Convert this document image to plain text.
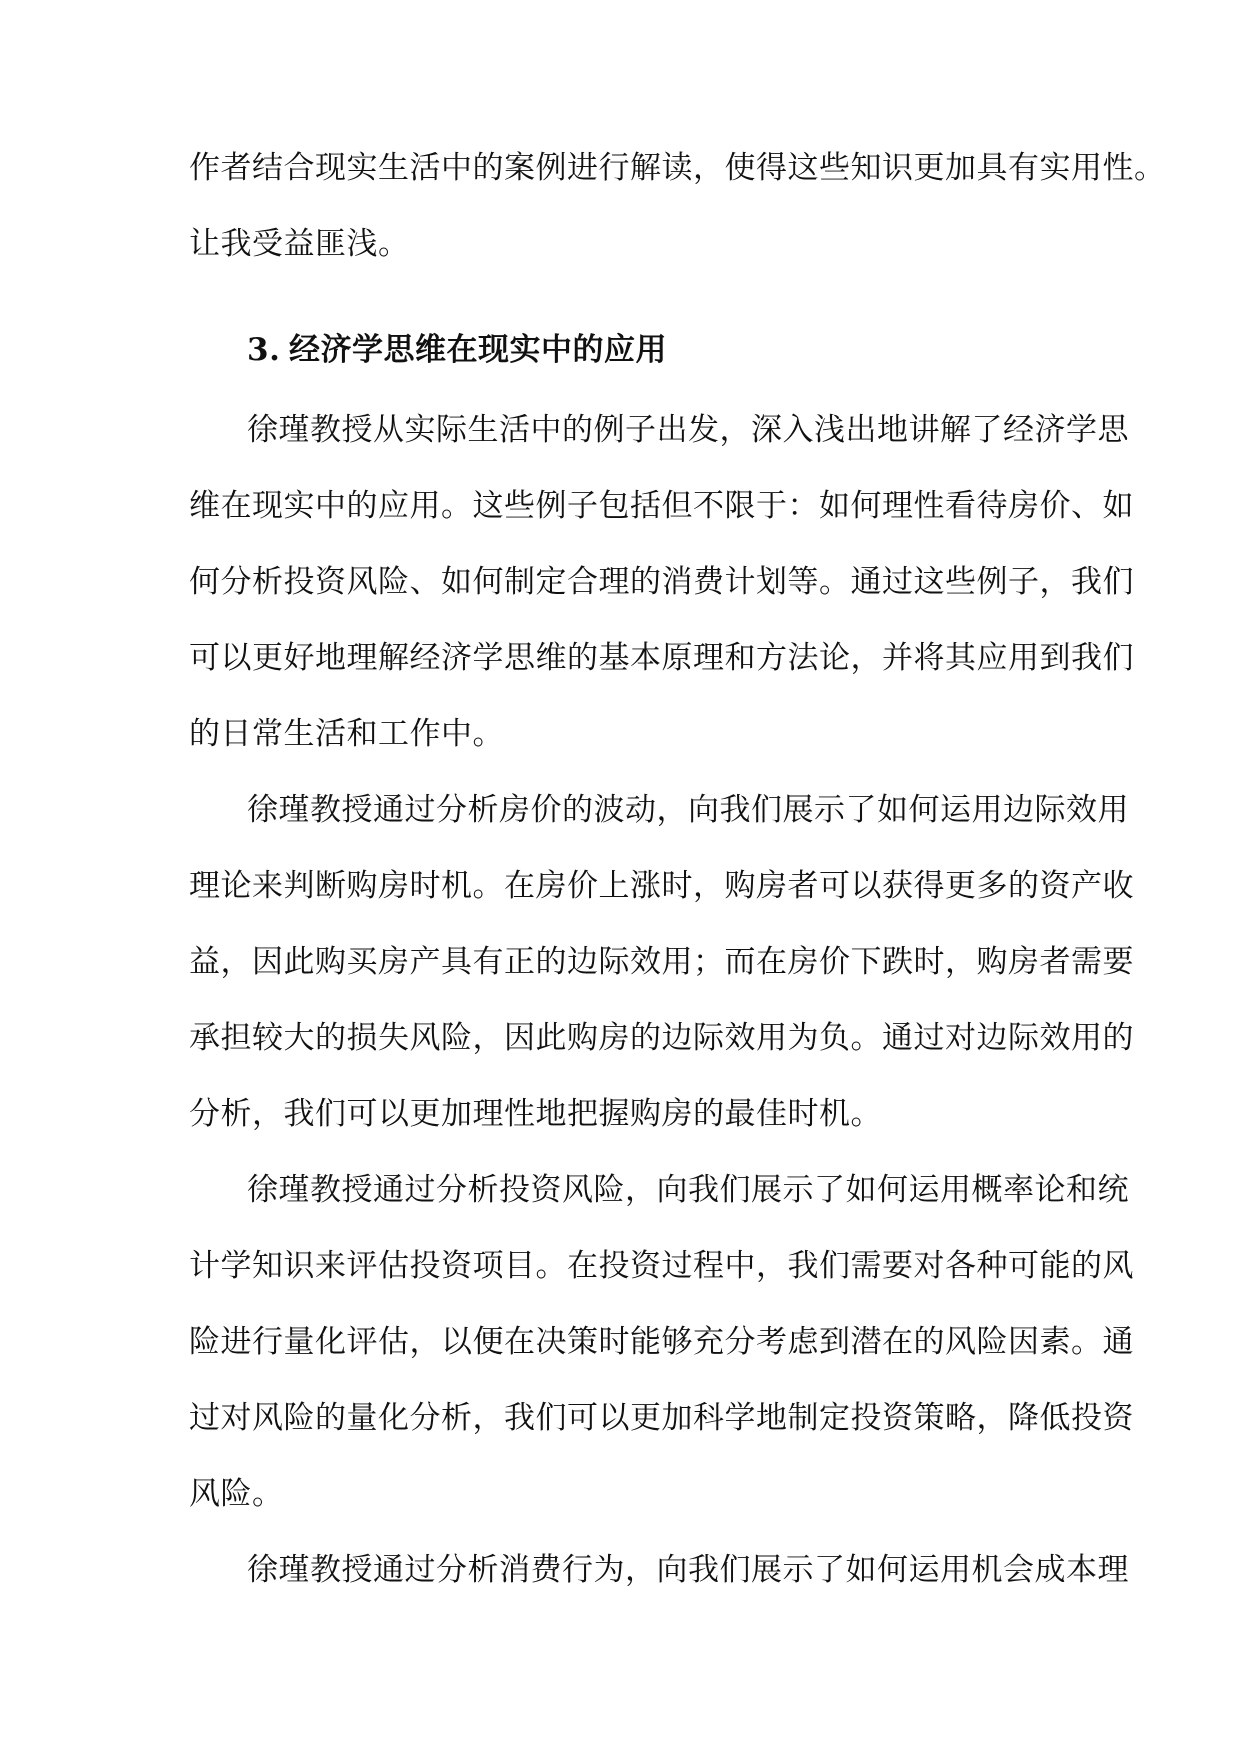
作者结合现实生活中的案例进行解读，使得这些知识更加具有实用性。
让我受益匪浅。
3. 经济学思维在现实中的应用
徐瑾教授从实际生活中的例子出发，深入浅出地讲解了经济学思
维在现实中的应用。这些例子包括但不限于：如何理性看待房价、如
何分析投资风险、如何制定合理的消费计划等。通过这些例子，我们
可以更好地理解经济学思维的基本原理和方法论，并将其应用到我们
的日常生活和工作中。
徐瑾教授通过分析房价的波动，向我们展示了如何运用边际效用
理论来判断购房时机。在房价上涨时，购房者可以获得更多的资产收
益，因此购买房产具有正的边际效用；而在房价下跌时，购房者需要
承担较大的损失风险，因此购房的边际效用为负。通过对边际效用的
分析，我们可以更加理性地把握购房的最佳时机。
徐瑾教授通过分析投资风险，向我们展示了如何运用概率论和统
计学知识来评估投资项目。在投资过程中，我们需要对各种可能的风
险进行量化评估，以便在决策时能够充分考虑到潜在的风险因素。通
过对风险的量化分析，我们可以更加科学地制定投资策略，降低投资
风险。
徐瑾教授通过分析消费行为，向我们展示了如何运用机会成本理
